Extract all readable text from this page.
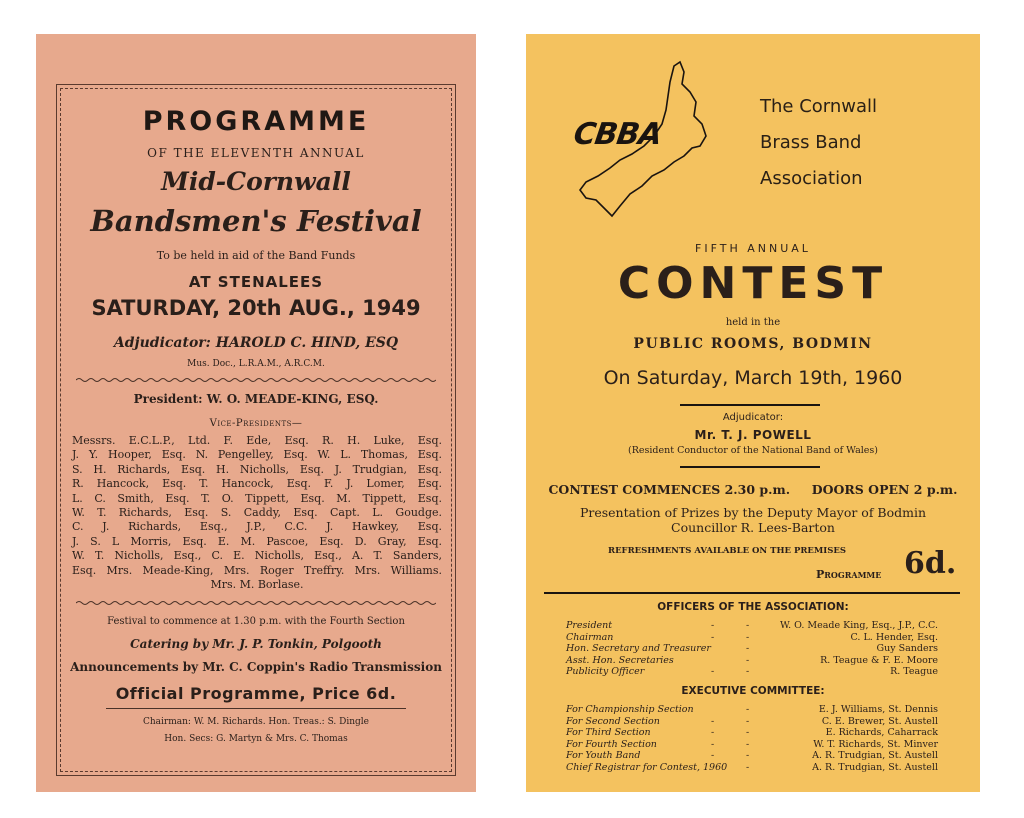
PROGRAMME
OF THE ELEVENTH ANNUAL
Mid-Cornwall
Bandsmen's Festival
To be held in aid of the Band Funds
AT STENALEES
SATURDAY, 20th AUG., 1949
Adjudicator: HAROLD C. HIND, ESQ
Mus. Doc., L.R.A.M., A.R.C.M.
President: W. O. MEADE-KING, ESQ.
Vice-Presidents—
Messrs. E.C.L.P., Ltd. F. Ede, Esq. R. H. Luke, Esq.
J. Y. Hooper, Esq. N. Pengelley, Esq. W. L. Thomas, Esq.
S. H. Richards, Esq. H. Nicholls, Esq. J. Trudgian, Esq.
R. Hancock, Esq. T. Hancock, Esq. F. J. Lomer, Esq.
L. C. Smith, Esq. T. O. Tippett, Esq. M. Tippett, Esq.
W. T. Richards, Esq. S. Caddy, Esq. Capt. L. Goudge.
C. J. Richards, Esq., J.P., C.C. J. Hawkey, Esq.
J. S. L Morris, Esq. E. M. Pascoe, Esq. D. Gray, Esq.
W. T. Nicholls, Esq., C. E. Nicholls, Esq., A. T. Sanders,
Esq. Mrs. Meade-King, Mrs. Roger Treffry. Mrs. Williams.
Mrs. M. Borlase.
Festival to commence at 1.30 p.m. with the Fourth Section
Catering by Mr. J. P. Tonkin, Polgooth
Announcements by Mr. C. Coppin's Radio Transmission
Official Programme, Price 6d.
Chairman: W. M. Richards. Hon. Treas.: S. Dingle
Hon. Secs: G. Martyn & Mrs. C. Thomas
CBBA
The Cornwall
Brass Band
Association
FIFTH ANNUAL
CONTEST
held in the
PUBLIC ROOMS, BODMIN
On Saturday, March 19th, 1960
Adjudicator:
Mr. T. J. POWELL
(Resident Conductor of the National Band of Wales)
CONTEST COMMENCES 2.30 p.m.     DOORS OPEN 2 p.m.
Presentation of Prizes by the Deputy Mayor of Bodmin
Councillor R. Lees-Barton
REFRESHMENTS AVAILABLE ON THE PREMISES
Programme 6d.
OFFICERS OF THE ASSOCIATION:
President	-	-	W. O. Meade King, Esq., J.P., C.C.
Chairman	-	-	C. L. Hender, Esq.
Hon. Secretary and Treasurer	-	Guy Sanders
Asst. Hon. Secretaries	-	R. Teague & F. E. Moore
Publicity Officer	-	-	R. Teague
EXECUTIVE COMMITTEE:
For Championship Section	-	E. J. Williams, St. Dennis
For Second Section	-	-	C. E. Brewer, St. Austell
For Third Section	-	-	E. Richards, Caharrack
For Fourth Section	-	-	W. T. Richards, St. Minver
For Youth Band	-	-	A. R. Trudgian, St. Austell
Chief Registrar for Contest, 1960 -	A. R. Trudgian, St. Austell
